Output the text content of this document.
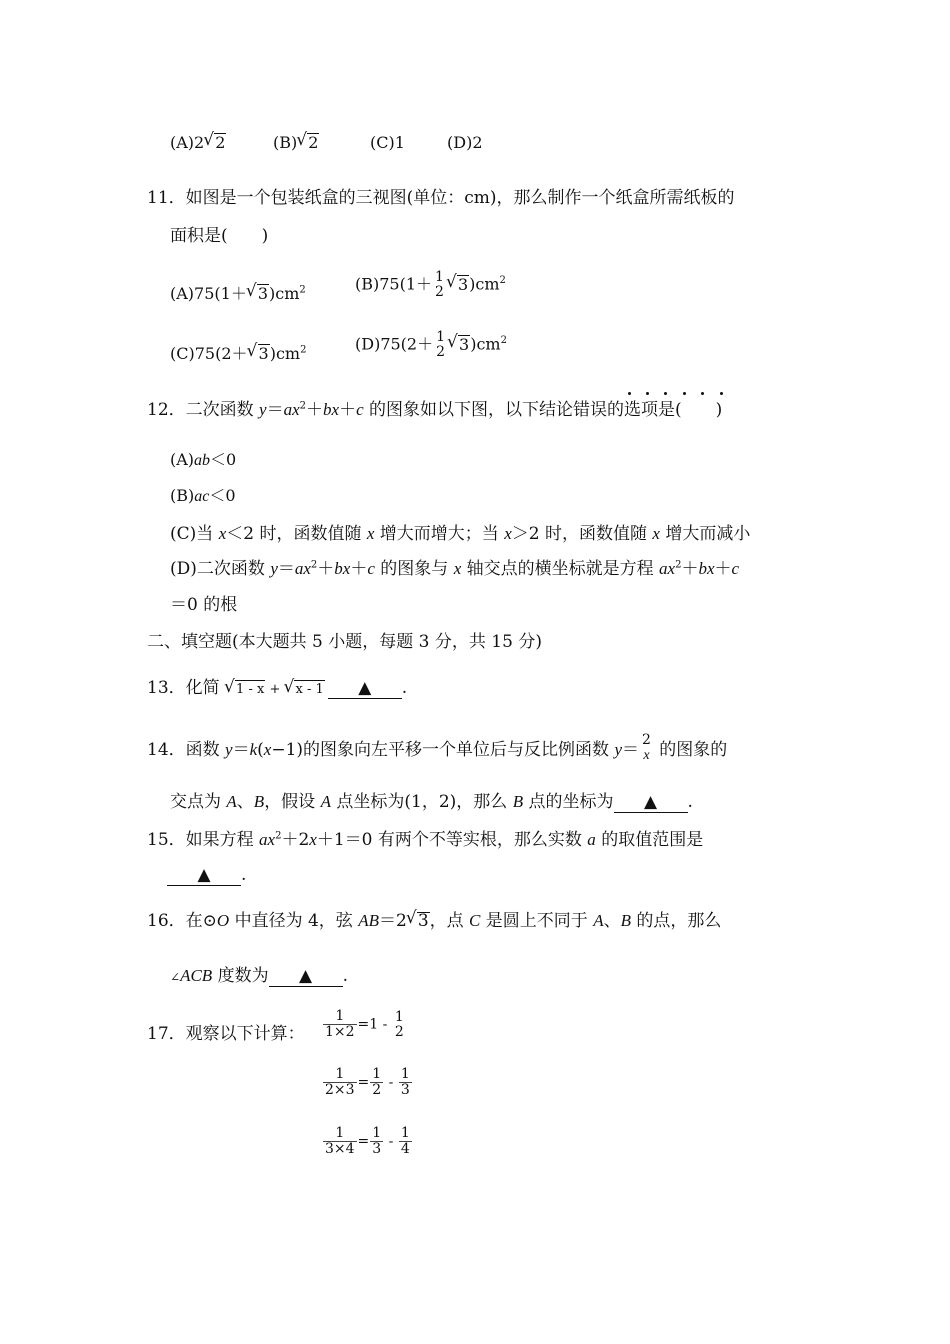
(A)2 √ 2	(B) √ 2	(C)1	(D)2
11．如图是一个包装纸盒的三视图(单位：cm)，那么制作一个纸盒所需纸板的
面积是(　　)
(A)75(1＋ √ $3)cm^2$	(B)75(1＋ 1
2 √ $3)cm^2$
(C)75(2＋ √ $3)cm^2$	(D)75(2＋ 1
2 √ $3)cm^2$
12．二次函数 $y=ax^2+bx+c$ 的图象如以下图，以下结论错误的选项是(　　)
(A)ab＜0
(B)ac＜0
(C)当 x＜2 时，函数值随 x 增大而增大；当 x＞2 时，函数值随 x 增大而减小
(D)二次函数 $y=ax^2+bx+c$ 的图象与 x 轴交点的横坐标就是方程 $ax^2+bx+c$
＝0 的根
二、填空题(本大题共 5 小题，每题 3 分，共 15 分)
13．化简 √ 1 - x + √ x - 1 ▲ .
14．函数 y＝k(x−1)的图象向左平移一个单位后与反比例函数 y＝ 2
x 的图象的
交点为 A、B，假设 A 点坐标为(1，2)，那么 B 点的坐标为 ▲ .
15．如果方程 $ax^2+2x+1=0$ 有两个不等实根，那么实数 a 的取值范围是
▲ .
16．在⊙O 中直径为 4，弦 AB＝2 √ 3，点 C 是圆上不同于 A、B 的点，那么
∠ACB 度数为 ▲ .
17．观察以下计算： $\frac{1}{1\times 2} =1 - 1$
2
$\frac{1}{2\times 3} = \frac{1}{2} - \frac{1}{3}$
$\frac{1}{3\times 4} = \frac{1}{3} - \frac{1}{4}$
